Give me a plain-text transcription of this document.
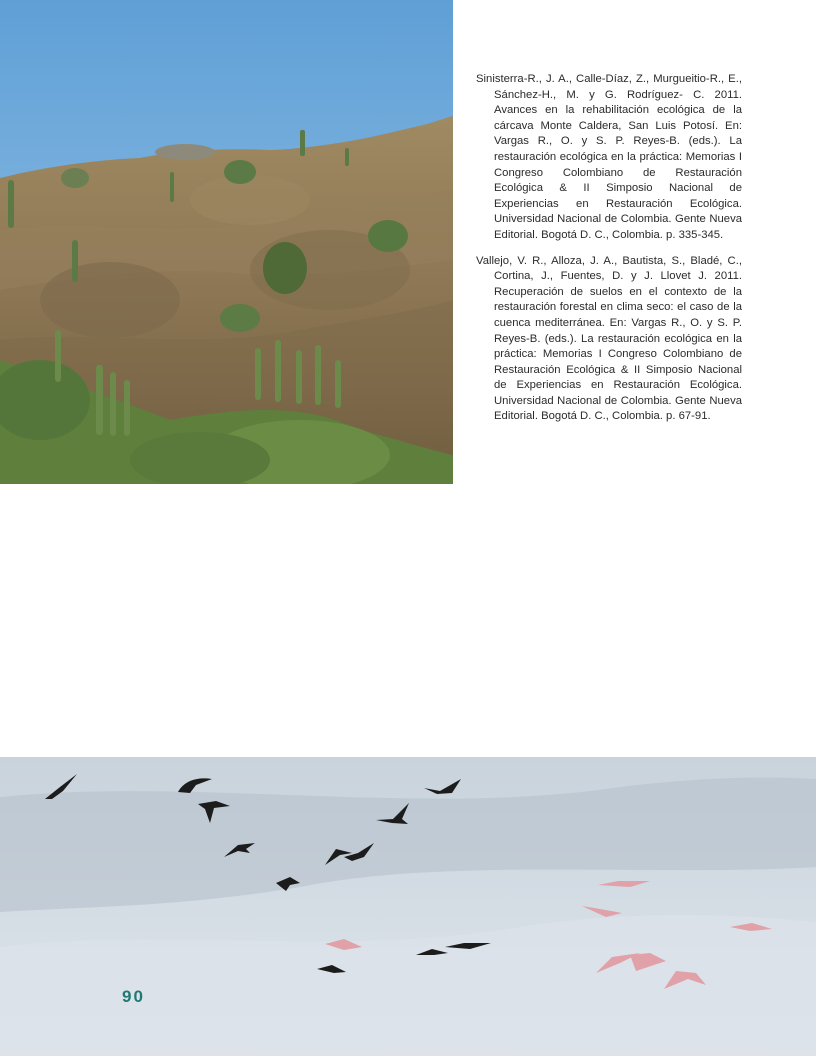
Sinisterra-R., J. A., Calle-Díaz, Z., Murgueitio-R., E., Sánchez-H., M. y G. Rodríguez- C. 2011. Avances en la rehabilitación ecológica de la cárcava Monte Caldera, San Luis Potosí. En: Vargas R., O. y S. P. Reyes-B. (eds.). La restauración ecológica en la práctica: Memorias I Congreso Colombiano de Restauración Ecológica & II Simposio Nacional de Experiencias en Restauración Ecológica. Universidad Nacional de Colombia. Gente Nueva Editorial. Bogotá D. C., Colombia. p. 335-345.

Vallejo, V. R., Alloza, J. A., Bautista, S., Bladé, C., Cortina, J., Fuentes, D. y J. Llovet J. 2011. Recuperación de suelos en el contexto de la restauración forestal en clima seco: el caso de la cuenca mediterránea. En: Vargas R., O. y S. P. Reyes-B. (eds.). La restauración ecológica en la práctica: Memorias I Congreso Colombiano de Restauración Ecológica & II Simposio Nacional de Experiencias en Restauración Ecológica. Universidad Nacional de Colombia. Gente Nueva Editorial. Bogotá D. C., Colombia. p. 67-91.

90
